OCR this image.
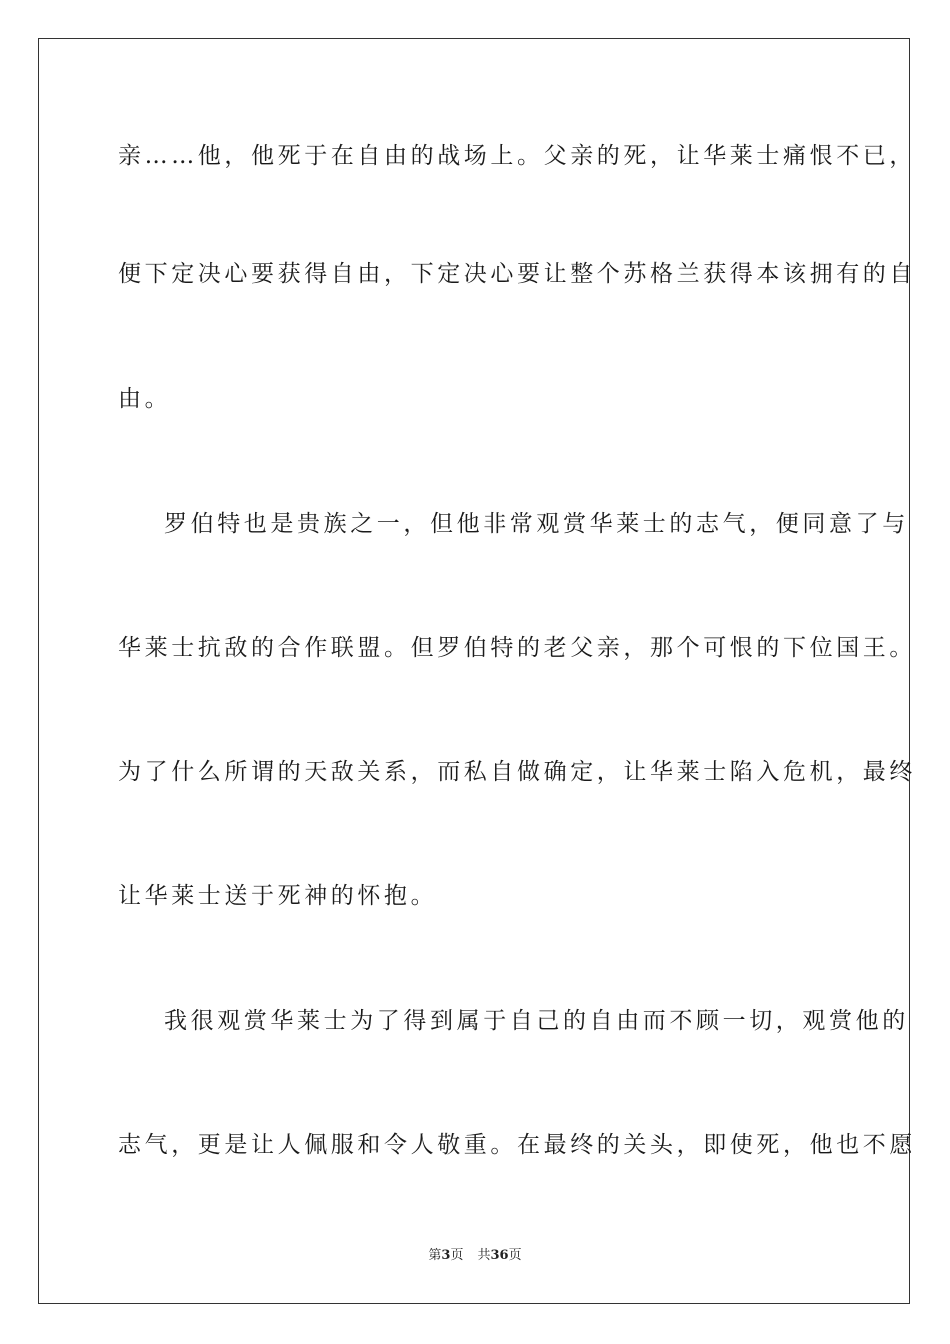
亲……他，他死于在自由的战场上。父亲的死，让华莱士痛恨不已，
便下定决心要获得自由，下定决心要让整个苏格兰获得本该拥有的自
由。
罗伯特也是贵族之一，但他非常观赏华莱士的志气，便同意了与
华莱士抗敌的合作联盟。但罗伯特的老父亲，那个可恨的下位国王。
为了什么所谓的天敌关系，而私自做确定，让华莱士陷入危机，最终
让华莱士送于死神的怀抱。
我很观赏华莱士为了得到属于自己的自由而不顾一切，观赏他的
志气，更是让人佩服和令人敬重。在最终的关头，即使死，他也不愿
第3页 共36页
